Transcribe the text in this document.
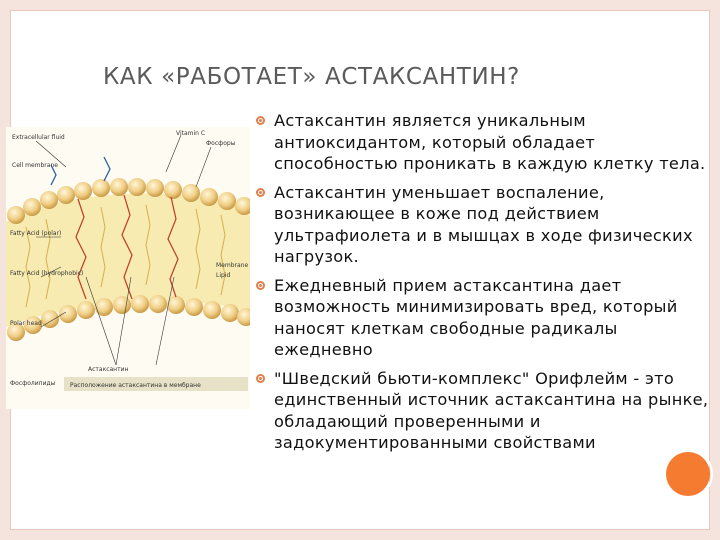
КАК «РАБОТАЕТ» АСТАКСАНТИН?
Extracellular fluid
Cell membrane
Fatty Acid (polar)
Fatty Acid (hydrophobic)
Polar head
Фосфолипиды
Vitamin C
Фосфоры
Membrane
Lipid
Астаксантин
Расположение астаксантина в мембране
Астаксантин является уникальным антиоксидантом, который обладает способностью проникать в каждую клетку тела.
Астаксантин уменьшает воспаление, возникающее в коже под действием ультрафиолета и в мышцах в ходе физических нагрузок.
Ежедневный прием астаксантина дает возможность минимизировать вред, который наносят клеткам свободные радикалы ежедневно
"Шведский бьюти-комплекс" Орифлейм - это единственный источник астаксантина на рынке, обладающий проверенными и задокументированными свойствами
